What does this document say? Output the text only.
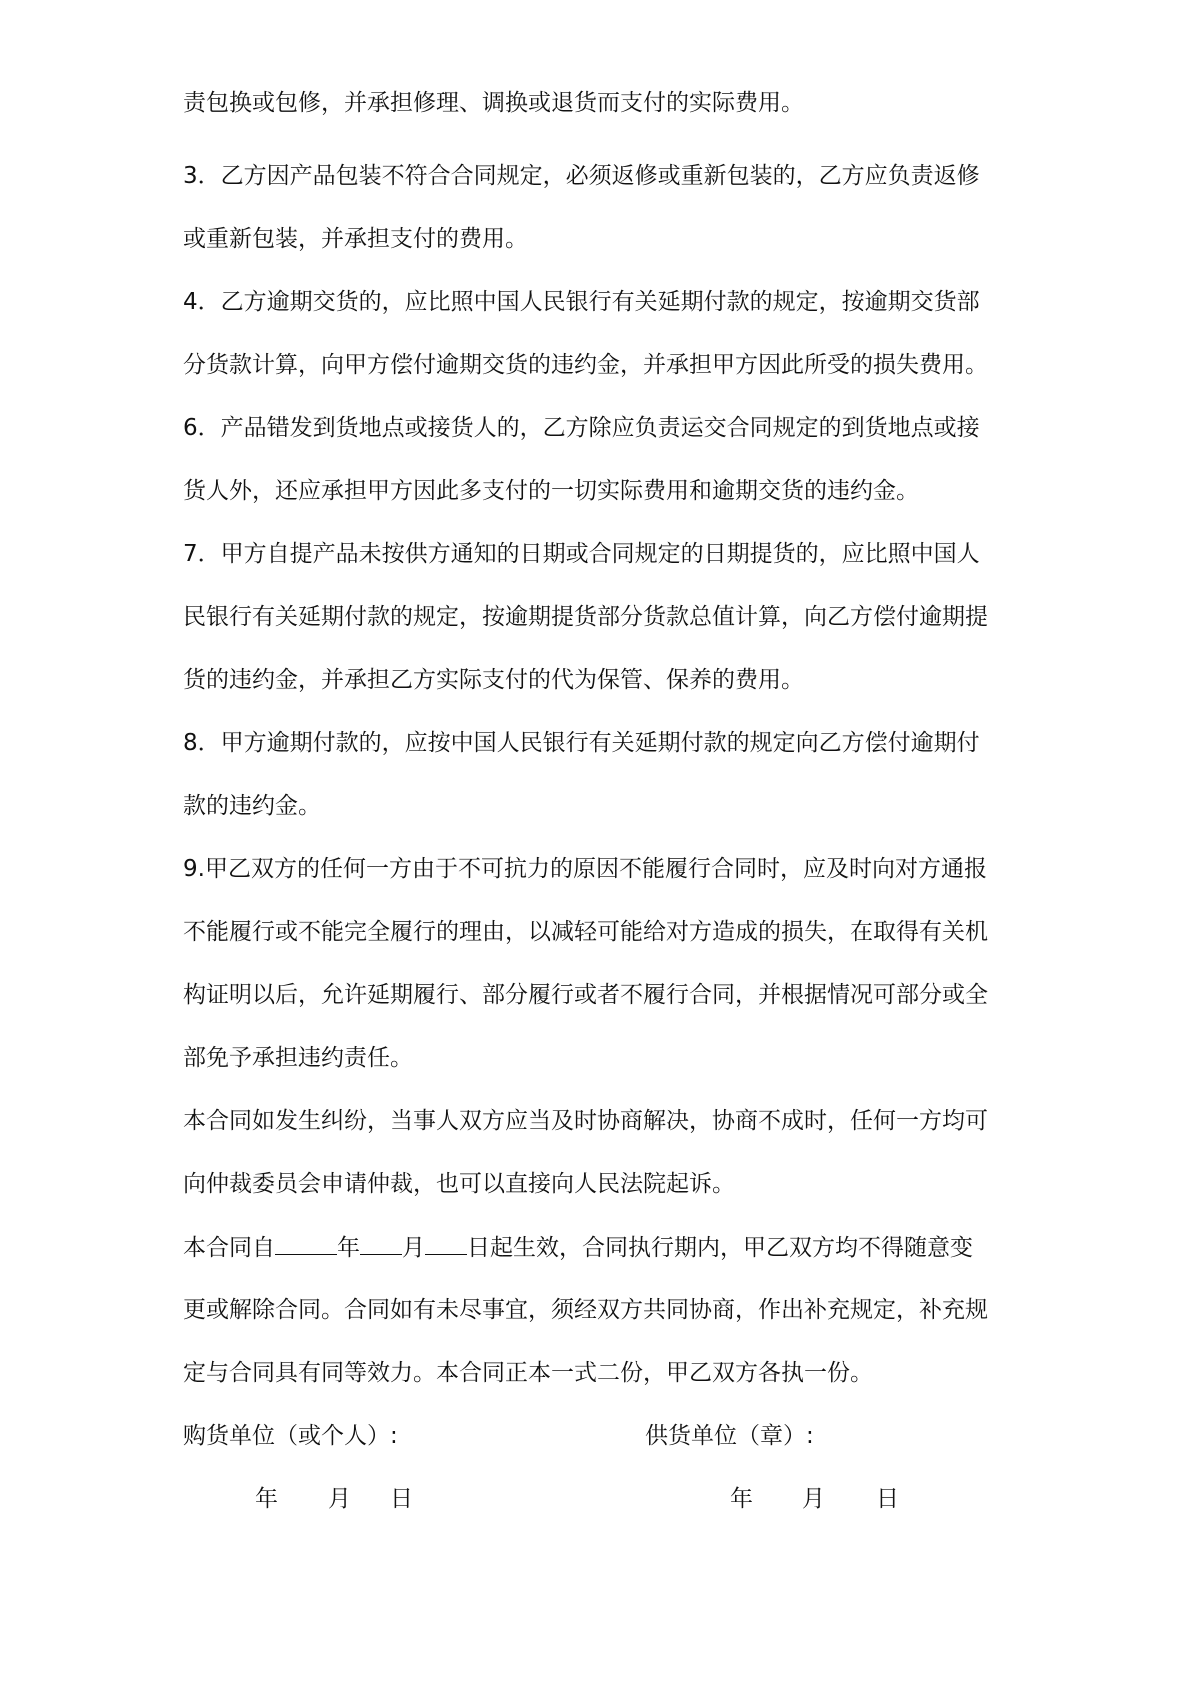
责包换或包修，并承担修理、调换或退货而支付的实际费用。
3．乙方因产品包装不符合合同规定，必须返修或重新包装的，乙方应负责返修
或重新包装，并承担支付的费用。
4．乙方逾期交货的，应比照中国人民银行有关延期付款的规定，按逾期交货部
分货款计算，向甲方偿付逾期交货的违约金，并承担甲方因此所受的损失费用。
6．产品错发到货地点或接货人的，乙方除应负责运交合同规定的到货地点或接
货人外，还应承担甲方因此多支付的一切实际费用和逾期交货的违约金。
7．甲方自提产品未按供方通知的日期或合同规定的日期提货的，应比照中国人
民银行有关延期付款的规定，按逾期提货部分货款总值计算，向乙方偿付逾期提
货的违约金，并承担乙方实际支付的代为保管、保养的费用。
8．甲方逾期付款的，应按中国人民银行有关延期付款的规定向乙方偿付逾期付
款的违约金。
9.甲乙双方的任何一方由于不可抗力的原因不能履行合同时，应及时向对方通报
不能履行或不能完全履行的理由，以减轻可能给对方造成的损失，在取得有关机
构证明以后，允许延期履行、部分履行或者不履行合同，并根据情况可部分或全
部免予承担违约责任。
本合同如发生纠纷，当事人双方应当及时协商解决，协商不成时，任何一方均可
向仲裁委员会申请仲裁，也可以直接向人民法院起诉。
本合同自	年 月 日起生效，合同执行期内，甲乙双方均不得随意变
更或解除合同。合同如有未尽事宜，须经双方共同协商，作出补充规定，补充规
定与合同具有同等效力。本合同正本一式二份，甲乙双方各执一份。
购货单位（或个人）:	供货单位（章）:
年 月 日	年 月 日
